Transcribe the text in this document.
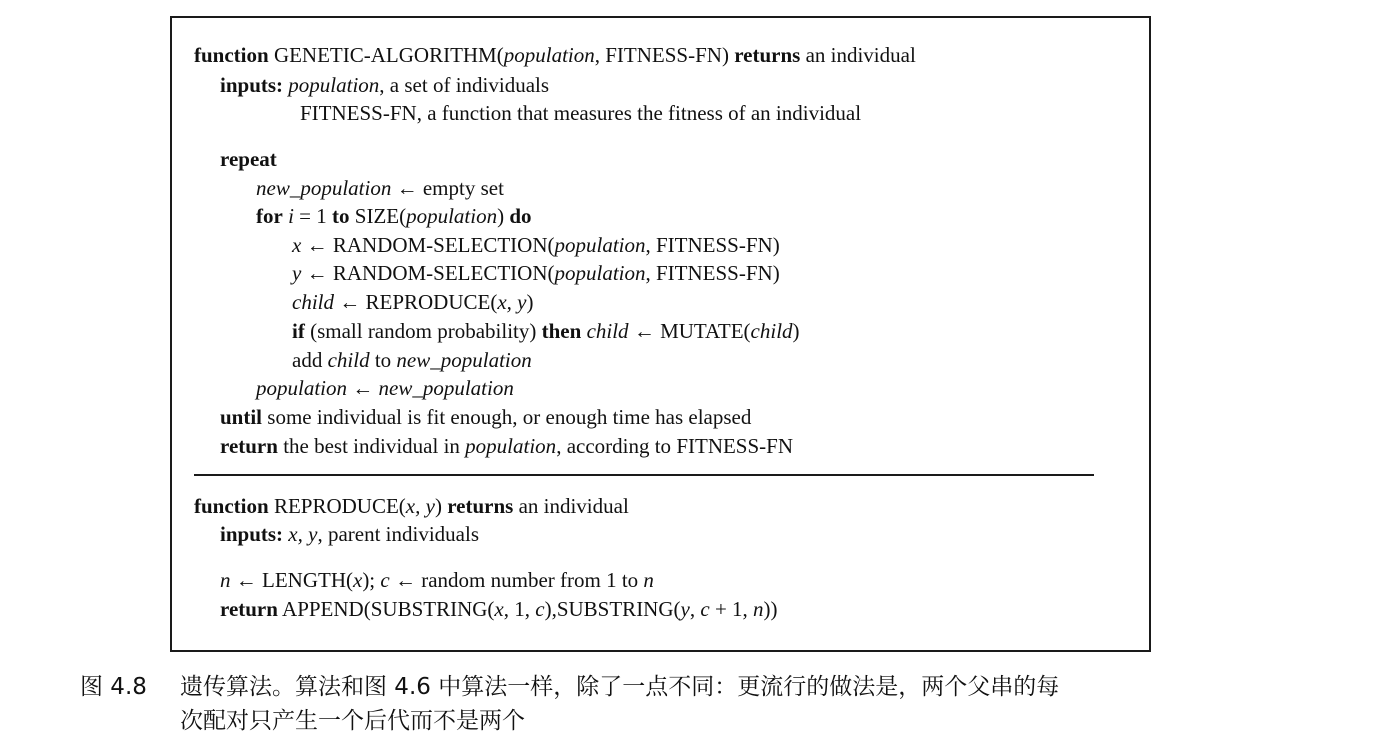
function GENETIC-ALGORITHM(population, FITNESS-FN) returns an individual
inputs: population, a set of individuals
FITNESS-FN, a function that measures the fitness of an individual
repeat
new_population ← empty set
for i = 1 to SIZE(population) do
x ← RANDOM-SELECTION(population, FITNESS-FN)
y ← RANDOM-SELECTION(population, FITNESS-FN)
child ← REPRODUCE(x, y)
if (small random probability) then child ← MUTATE(child)
add child to new_population
population ← new_population
until some individual is fit enough, or enough time has elapsed
return the best individual in population, according to FITNESS-FN
function REPRODUCE(x, y) returns an individual
inputs: x, y, parent individuals
n ← LENGTH(x); c ← random number from 1 to n
return APPEND(SUBSTRING(x, 1, c),SUBSTRING(y, c + 1, n))
图 4.8 遗传算法。算法和图 4.6 中算法一样，除了一点不同：更流行的做法是，两个父串的每
次配对只产生一个后代而不是两个
